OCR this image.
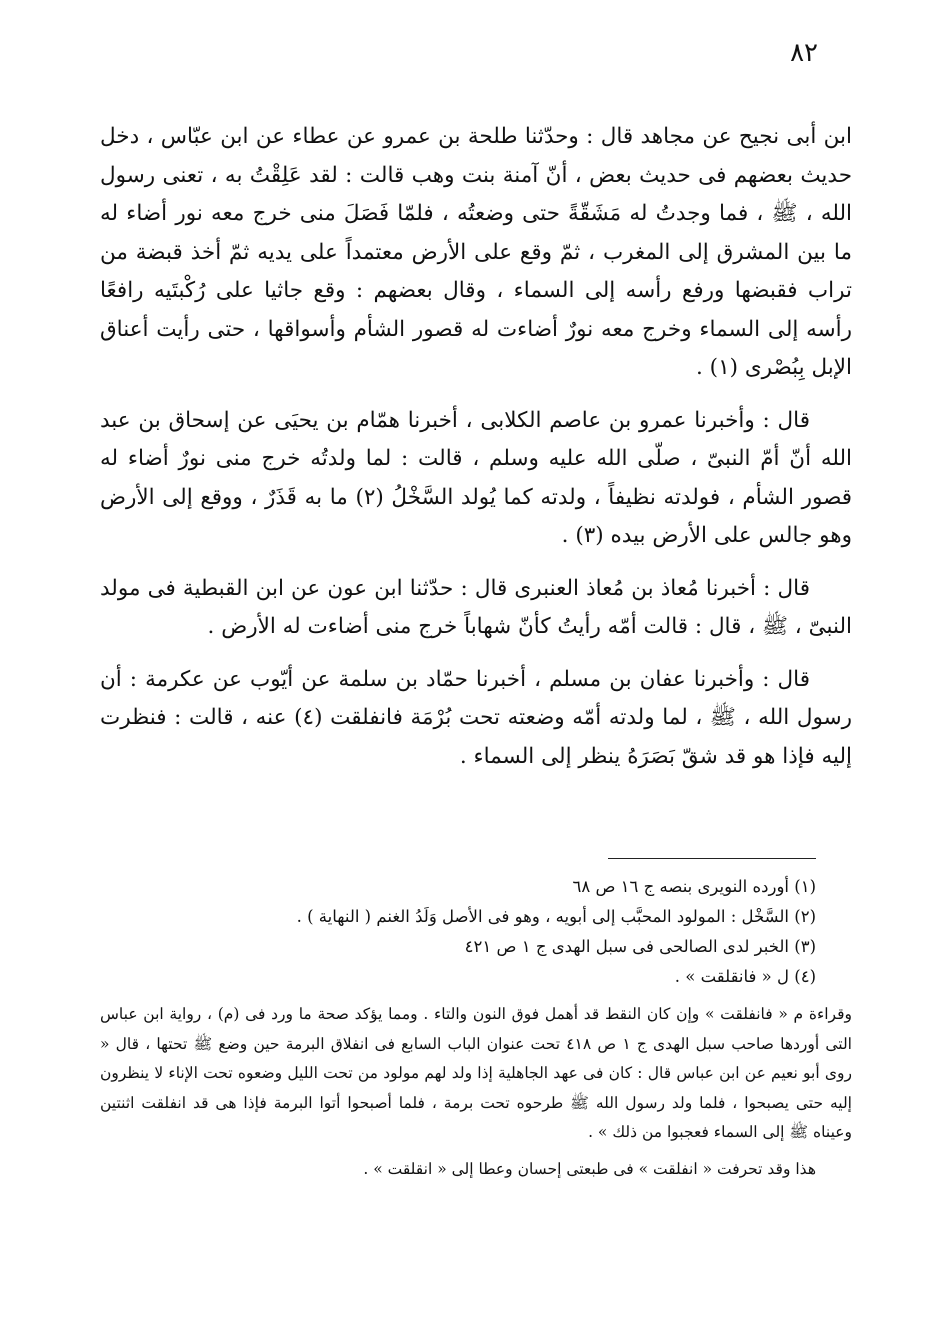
٨٢

ابن أبى نجيح عن مجاهد قال : وحدّثنا طلحة بن عمرو عن عطاء عن ابن عبّاس ، دخل حديث بعضهم فى حديث بعض ، أنّ آمنة بنت وهب قالت : لقد عَلِقْتُ به ، تعنى رسول الله ، ﷺ ، فما وجدتُ له مَشَقّةً حتى وضعتُه ، فلمّا فَصَلَ منى خرج معه نور أضاء له ما بين المشرق إلى المغرب ، ثمّ وقع على الأرض معتمداً على يديه ثمّ أخذ قبضة من تراب فقبضها ورفع رأسه إلى السماء ، وقال بعضهم : وقع جاثيا على رُكْبتَيه رافعًا رأسه إلى السماء وخرج معه نورٌ أضاءت له قصور الشأم وأسواقها ، حتى رأيت أعناق الإبل بِبُصْرى (١) .

قال : وأخبرنا عمرو بن عاصم الكلابى ، أخبرنا همّام بن يحيَى عن إسحاق بن عبد الله أنّ أمّ النبىّ ، صلّى الله عليه وسلم ، قالت : لما ولدتُه خرج منى نورٌ أضاء له قصور الشأم ، فولدته نظيفاً ، ولدته كما يُولد السَّخْلُ (٢) ما به قَذَرٌ ، ووقع إلى الأرض وهو جالس على الأرض بيده (٣) .

قال : أخبرنا مُعاذ بن مُعاذ العنبرى قال : حدّثنا ابن عون عن ابن القبطية فى مولد النبىّ ، ﷺ ، قال : قالت أمّه رأيتُ كأنّ شهاباً خرج منى أضاءت له الأرض .

قال : وأخبرنا عفان بن مسلم ، أخبرنا حمّاد بن سلمة عن أيّوب عن عكرمة : أن رسول الله ، ﷺ ، لما ولدته أمّه وضعته تحت بُرْمَة فانفلقت (٤) عنه ، قالت : فنظرت إليه فإذا هو قد شقّ بَصَرَهُ ينظر إلى السماء .

(١) أورده النويرى بنصه ج ١٦ ص ٦٨

(٢) السَّخْل : المولود المحبَّب إلى أبويه ، وهو فى الأصل وَلَدُ الغنم ( النهاية ) .

(٣) الخبر لدى الصالحى فى سبل الهدى ج ١ ص ٤٢١

(٤) ل « فانقلقت » .

وقراءة م « فانفلقت » وإن كان النقط قد أهمل فوق النون والتاء . ومما يؤكد صحة ما ورد فى (م) ، رواية ابن عباس التى أوردها صاحب سبل الهدى ج ١ ص ٤١٨ تحت عنوان الباب السابع فى انفلاق البرمة حين وضع ﷺ تحتها ، قال « روى أبو نعيم عن ابن عباس قال : كان فى عهد الجاهلية إذا ولد لهم مولود من تحت الليل وضعوه تحت الإناء لا ينظرون إليه حتى يصبحوا ، فلما ولد رسول الله ﷺ طرحوه تحت برمة ، فلما أصبحوا أتوا البرمة فإذا هى قد انفلقت اثنتين وعيناه ﷺ إلى السماء فعجبوا من ذلك » .

هذا وقد تحرفت « انفلقت » فى طبعتى إحسان وعطا إلى « انقلقت » .
